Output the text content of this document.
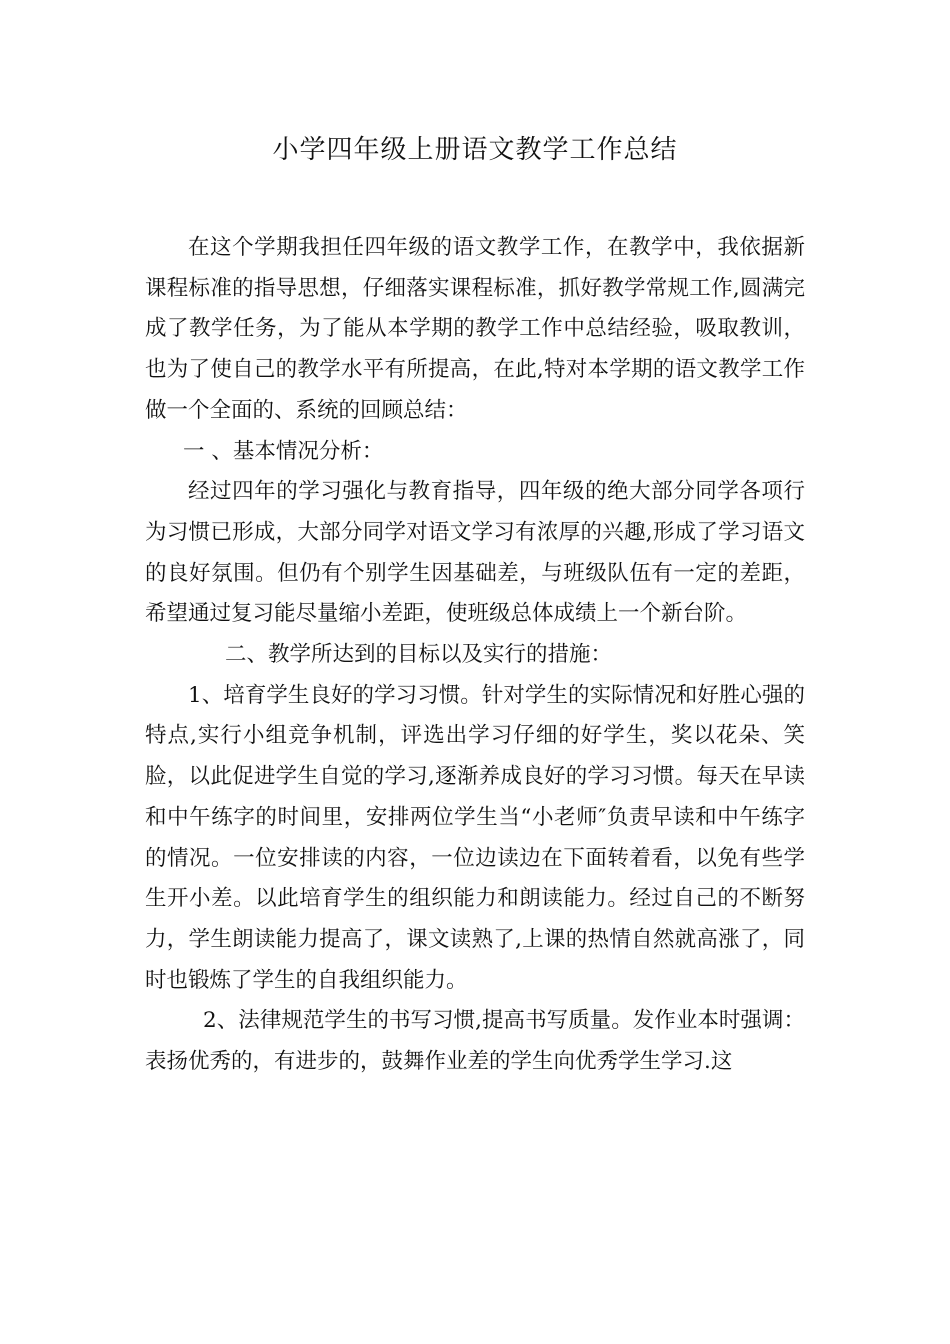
小学四年级上册语文教学工作总结

在这个学期我担任四年级的语文教学工作，在教学中，我依据新课程标准的指导思想，仔细落实课程标准，抓好教学常规工作,圆满完成了教学任务，为了能从本学期的教学工作中总结经验，吸取教训，也为了使自己的教学水平有所提高，在此,特对本学期的语文教学工作做一个全面的、系统的回顾总结：

一 、基本情况分析：

经过四年的学习强化与教育指导，四年级的绝大部分同学各项行为习惯已形成，大部分同学对语文学习有浓厚的兴趣,形成了学习语文的良好氛围。但仍有个别学生因基础差，与班级队伍有一定的差距，希望通过复习能尽量缩小差距，使班级总体成绩上一个新台阶。

二、教学所达到的目标以及实行的措施：

1、培育学生良好的学习习惯。针对学生的实际情况和好胜心强的特点,实行小组竞争机制，评选出学习仔细的好学生，奖以花朵、笑脸，以此促进学生自觉的学习,逐渐养成良好的学习习惯。每天在早读和中午练字的时间里，安排两位学生当“小老师″负责早读和中午练字的情况。一位安排读的内容，一位边读边在下面转着看，以免有些学生开小差。以此培育学生的组织能力和朗读能力。经过自己的不断努力，学生朗读能力提高了，课文读熟了,上课的热情自然就高涨了，同时也锻炼了学生的自我组织能力。

2、法律规范学生的书写习惯,提高书写质量。发作业本时强调：表扬优秀的，有进步的，鼓舞作业差的学生向优秀学生学习.这
